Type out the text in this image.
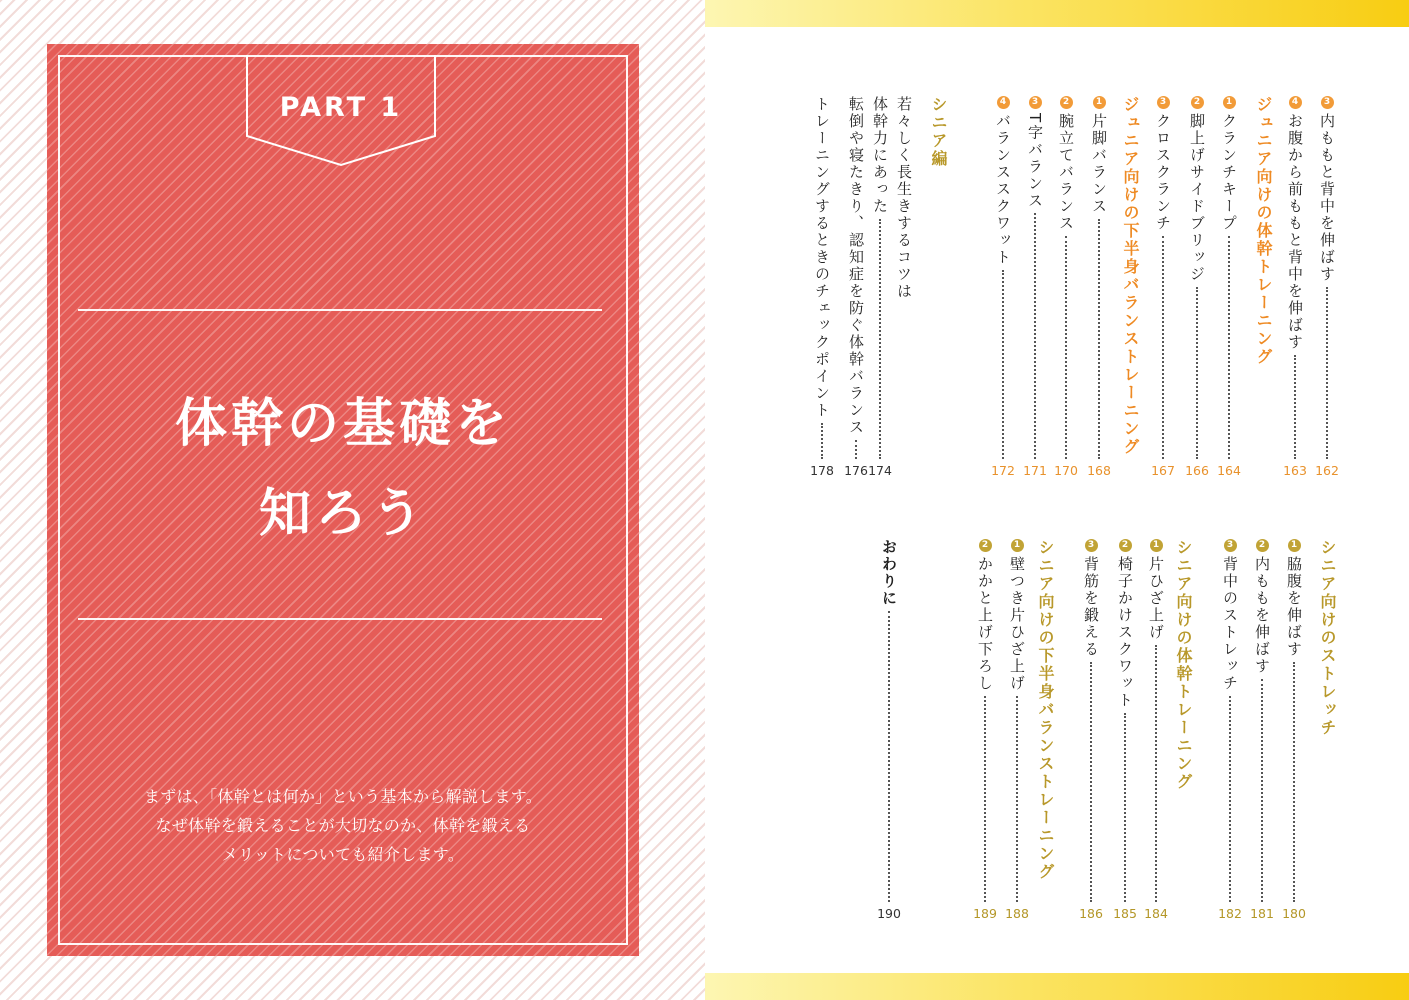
PART 1
体幹の基礎を
知ろう
まずは、「体幹とは何か」という基本から解説します。
なぜ体幹を鍛えることが大切なのか、体幹を鍛える
メリットについても紹介します。
3
内ももと背中を伸ばす
162
4
お腹から前ももと背中を伸ばす
163
ジュニア向けの体幹トレーニング
1
クランチキープ
164
2
脚上げサイドブリッジ
166
3
クロスクランチ
167
ジュニア向けの下半身バランストレーニング
1
片脚バランス
168
2
腕立てバランス
170
3
T字バランス
171
4
バランススクワット
172
シニア編
若々しく長生きするコツは
体幹力にあった
174
転倒や寝たきり、認知症を防ぐ体幹バランス
176
トレーニングするときのチェックポイント
178
シニア向けのストレッチ
1
脇腹を伸ばす
180
2
内ももを伸ばす
181
3
背中のストレッチ
182
シニア向けの体幹トレーニング
1
片ひざ上げ
184
2
椅子かけスクワット
185
3
背筋を鍛える
186
シニア向けの下半身バランストレーニング
1
壁つき片ひざ上げ
188
2
かかと上げ下ろし
189
おわりに
190
